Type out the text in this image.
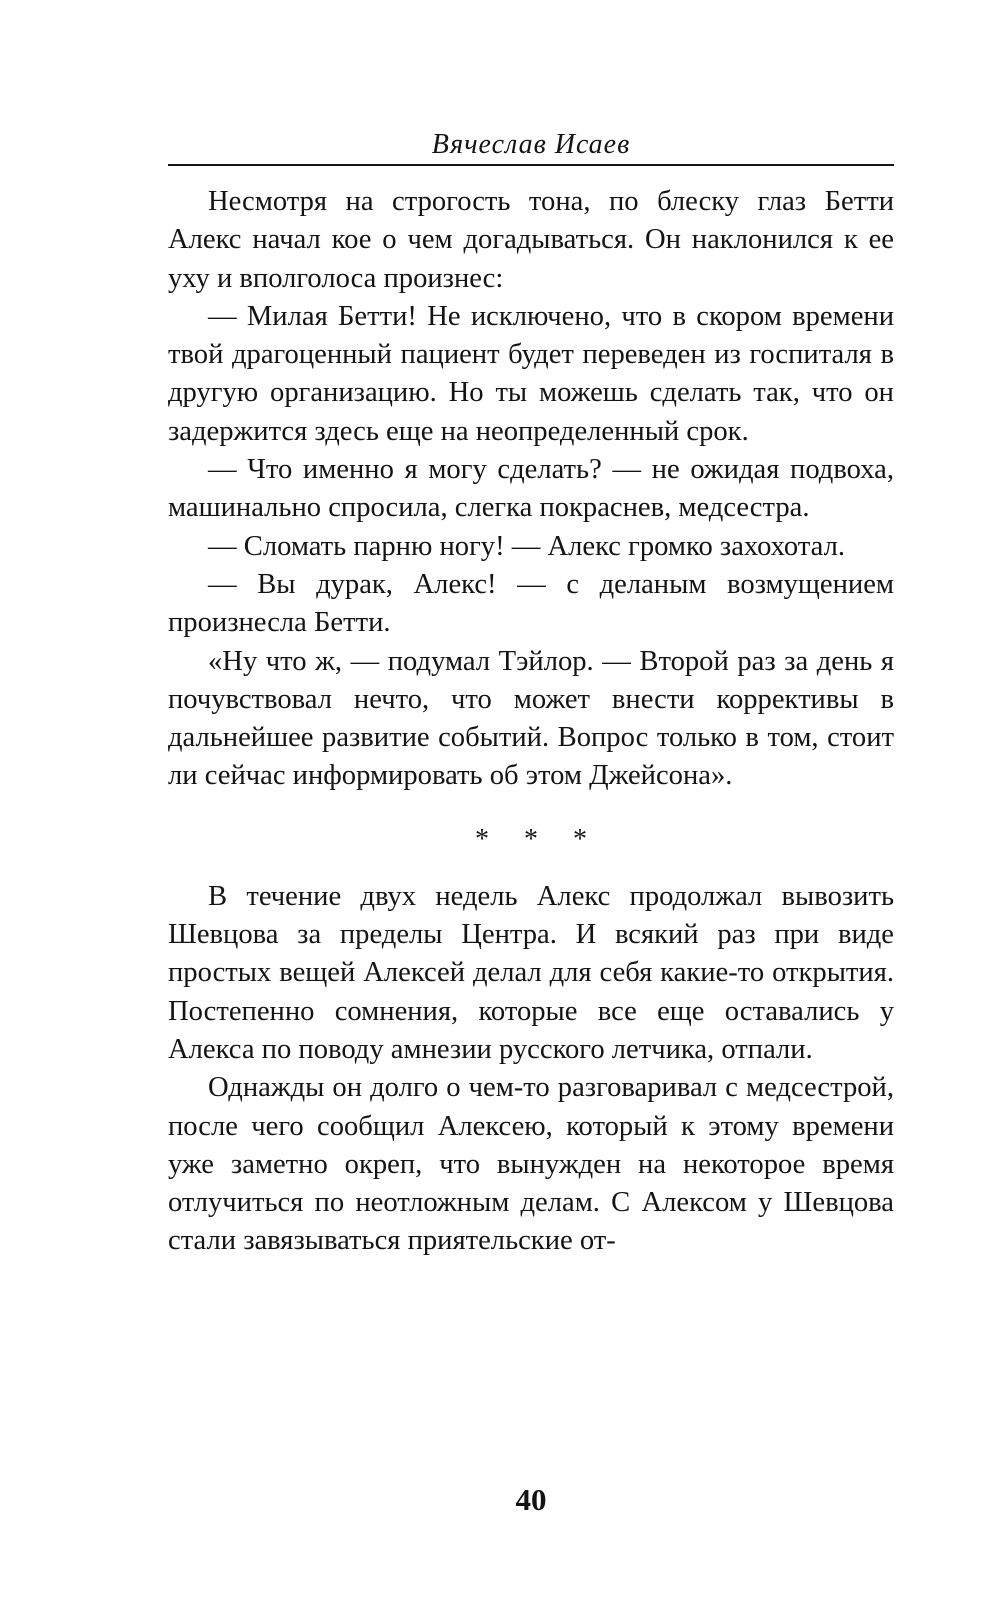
Вячеслав Исаев

Несмотря на строгость тона, по блеску глаз Бетти Алекс начал кое о чем догадываться. Он наклонился к ее уху и вполголоса произнес:

— Милая Бетти! Не исключено, что в скором времени твой драгоценный пациент будет переведен из госпиталя в другую организацию. Но ты можешь сделать так, что он задержится здесь еще на неопределенный срок.

— Что именно я могу сделать? — не ожидая подвоха, машинально спросила, слегка покраснев, медсестра.

— Сломать парню ногу! — Алекс громко захохотал.

— Вы дурак, Алекс! — с деланым возмущением произнесла Бетти.

«Ну что ж, — подумал Тэйлор. — Второй раз за день я почувствовал нечто, что может внести коррективы в дальнейшее развитие событий. Вопрос только в том, стоит ли сейчас информировать об этом Джейсона».

* * *

В течение двух недель Алекс продолжал вывозить Шевцова за пределы Центра. И всякий раз при виде простых вещей Алексей делал для себя какие-то открытия. Постепенно сомнения, которые все еще оставались у Алекса по поводу амнезии русского летчика, отпали.

Однажды он долго о чем-то разговаривал с медсестрой, после чего сообщил Алексею, который к этому времени уже заметно окреп, что вынужден на некоторое время отлучиться по неотложным делам. С Алексом у Шевцова стали завязываться приятельские от-

40
